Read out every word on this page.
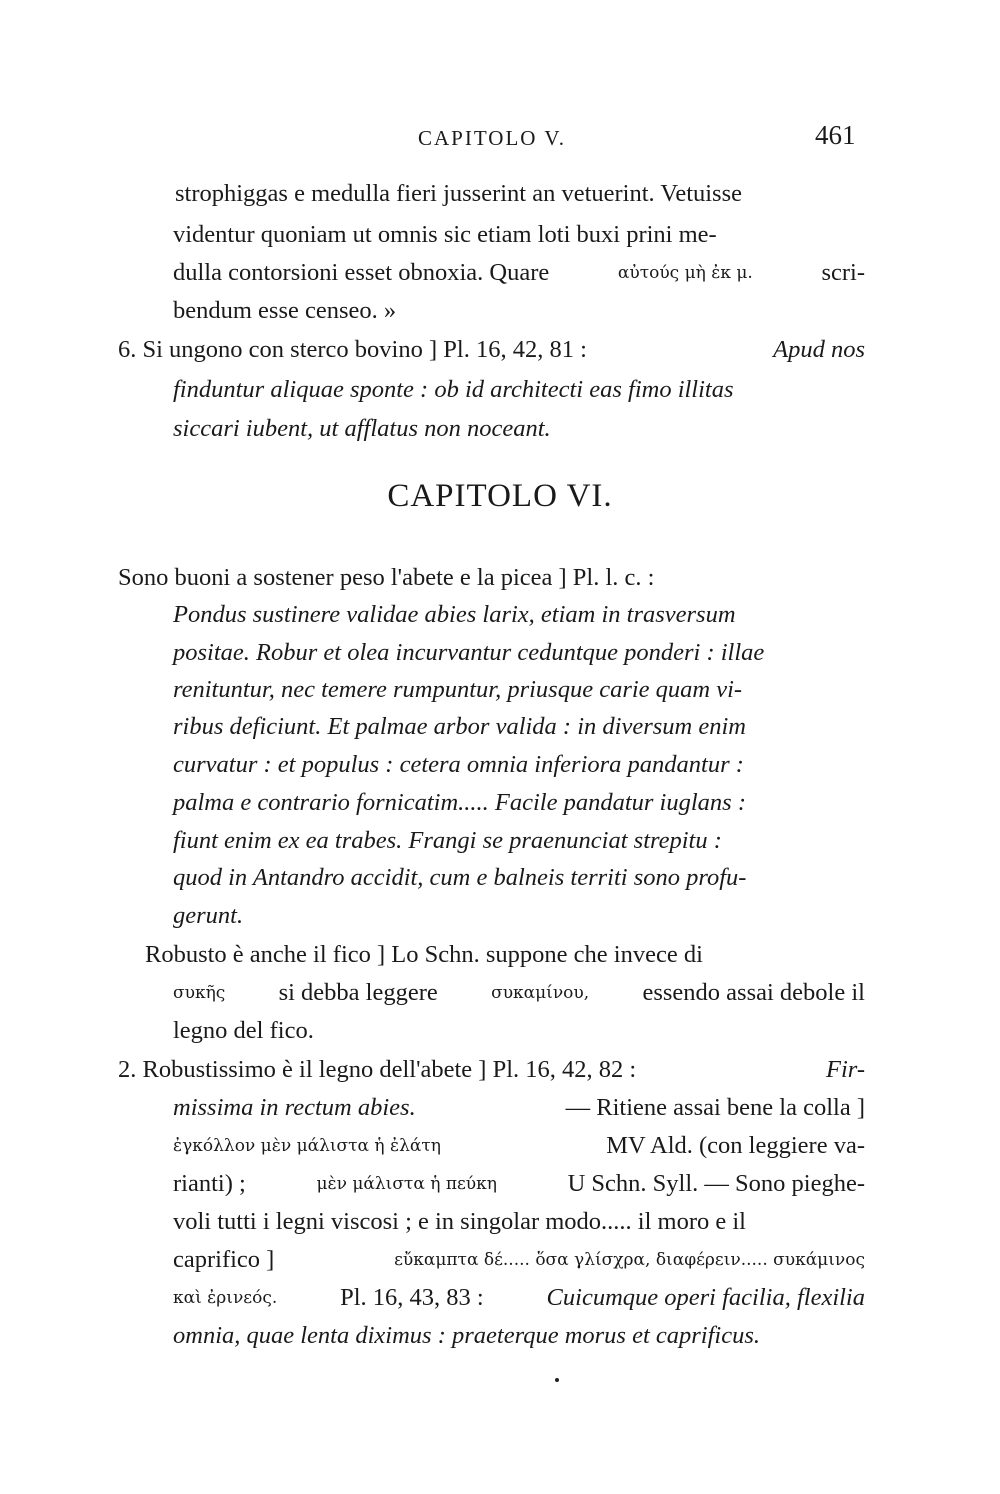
CAPITOLO V.	461
strophiggas e medulla fieri jusserint an vetuerint. Vetuisse
videntur quoniam ut omnis sic etiam loti buxi prini me-
dulla contorsioni esset obnoxia. Quare	αὐτούς μὴ ἐκ μ.	scri-
bendum esse censeo. »
6. Si ungono con sterco bovino ] Pl. 16, 42, 81 :	Apud nos
finduntur aliquae sponte : ob id architecti eas fimo illitas
siccari iubent, ut afflatus non noceant.
CAPITOLO VI.
Sono buoni a sostener peso l'abete e la picea ] Pl. l. c. :
Pondus sustinere validae abies larix, etiam in trasversum
positae. Robur et olea incurvantur ceduntque ponderi : illae
renituntur, nec temere rumpuntur, priusque carie quam vi-
ribus deficiunt. Et palmae arbor valida : in diversum enim
curvatur : et populus : cetera omnia inferiora pandantur :
palma e contrario fornicatim..... Facile pandatur iuglans :
fiunt enim ex ea trabes. Frangi se praenunciat strepitu :
quod in Antandro accidit, cum e balneis territi sono profu-
gerunt.
Robusto è anche il fico ] Lo Schn. suppone che invece di
συκῆς si debba leggere	συκαμίνου, essendo assai debole il
legno del fico.
2. Robustissimo è il legno dell'abete ] Pl. 16, 42, 82 :	Fir-
missima in rectum abies.	— Ritiene assai bene la colla ]
ἐγκόλλον μὲν μάλιστα ἡ ἐλάτη	MV Ald. (con leggiere va-
rianti) ;	μὲν μάλιστα ἡ πεύκη	U Schn. Syll. — Sono pieghe-
voli tutti i legni viscosi ; e in singolar modo..... il moro e il
caprifico ]	εὔκαμπτα δέ..... ὅσα γλίσχρα, διαφέρειν..... συκάμινος
καὶ ἐρινεός.	Pl. 16, 43, 83 :	Cuicumque operi facilia, flexilia
omnia, quae lenta diximus : praeterque morus et caprificus.
